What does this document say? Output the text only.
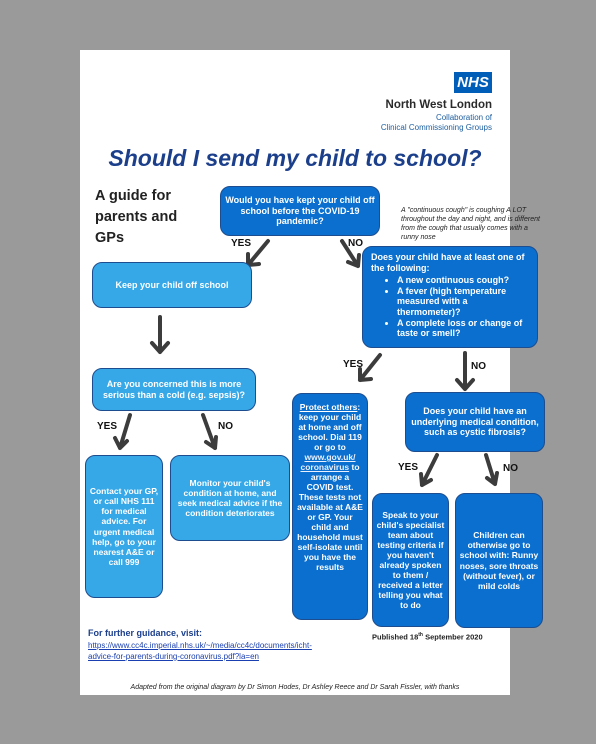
NHS
North West London
Collaboration of
Clinical Commissioning Groups
Should I send my child to school?
A guide for
parents and
GPs
A "continuous cough" is coughing A LOT throughout the day and night, and is different from the cough that usually comes with a runny nose
YES	NO
YES	NO
YES	NO
YES	NO
Would you have kept your child off school before the COVID-19 pandemic?
Keep your child off school
Does your child have at least one of the following:
• A new continuous cough?
• A fever (high temperature measured with a thermometer)?
• A complete loss or change of taste or smell?
Are you concerned this is more serious than a cold (e.g. sepsis)?
Does your child have an underlying medical condition, such as cystic fibrosis?
Contact your GP, or call NHS 111 for medical advice. For urgent medical help, go to your nearest A&E or call 999
Monitor your child's condition at home, and seek medical advice if the condition deteriorates
Protect others: keep your child at home and off school. Dial 119 or go to www.gov.uk/ coronavirus to arrange a COVID test. These tests not available at A&E or GP. Your child and household must self-isolate until you have the results
Speak to your child's specialist team about testing criteria if you haven't already spoken to them / received a letter telling you what to do
Children can otherwise go to school with: Runny noses, sore throats (without fever), or mild colds
For further guidance, visit:
https://www.cc4c.imperial.nhs.uk/~/media/cc4c/documents/icht-
advice-for-parents-during-coronavirus.pdf?la=en
Published 18th September 2020
Adapted from the original diagram by Dr Simon Hodes, Dr Ashley Reece and Dr Sarah Fissler, with thanks
